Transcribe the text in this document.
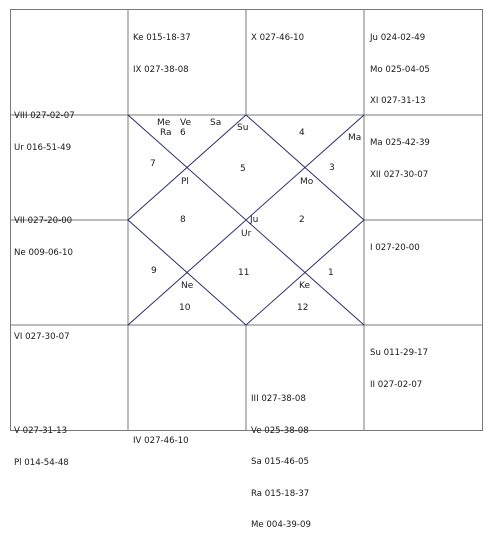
Me Ve Sa
Ra 6	Su	4	Ma
7	5	3
Pl	Mo
8	Ju	2
Ur
9	11	1
Ne	Ke
10	12

Ke 015-18-37

IX 027-38-08

X 027-46-10

	Ju 024-02-49

Mo 025-04-05

XI 027-31-13

VIII 027-02-07

Ur 016-51-49

	Ma 025-42-39

XII 027-30-07

VII 027-20-00

Ne 009-06-10

	I 027-20-00

VI 027-30-07

Su 011-29-17

II 027-02-07

V 027-31-13

Pl 014-54-48

IV 027-46-10

III 027-38-08

Ve 025-38-08

Sa 015-46-05

Ra 015-18-37

Me 004-39-09
